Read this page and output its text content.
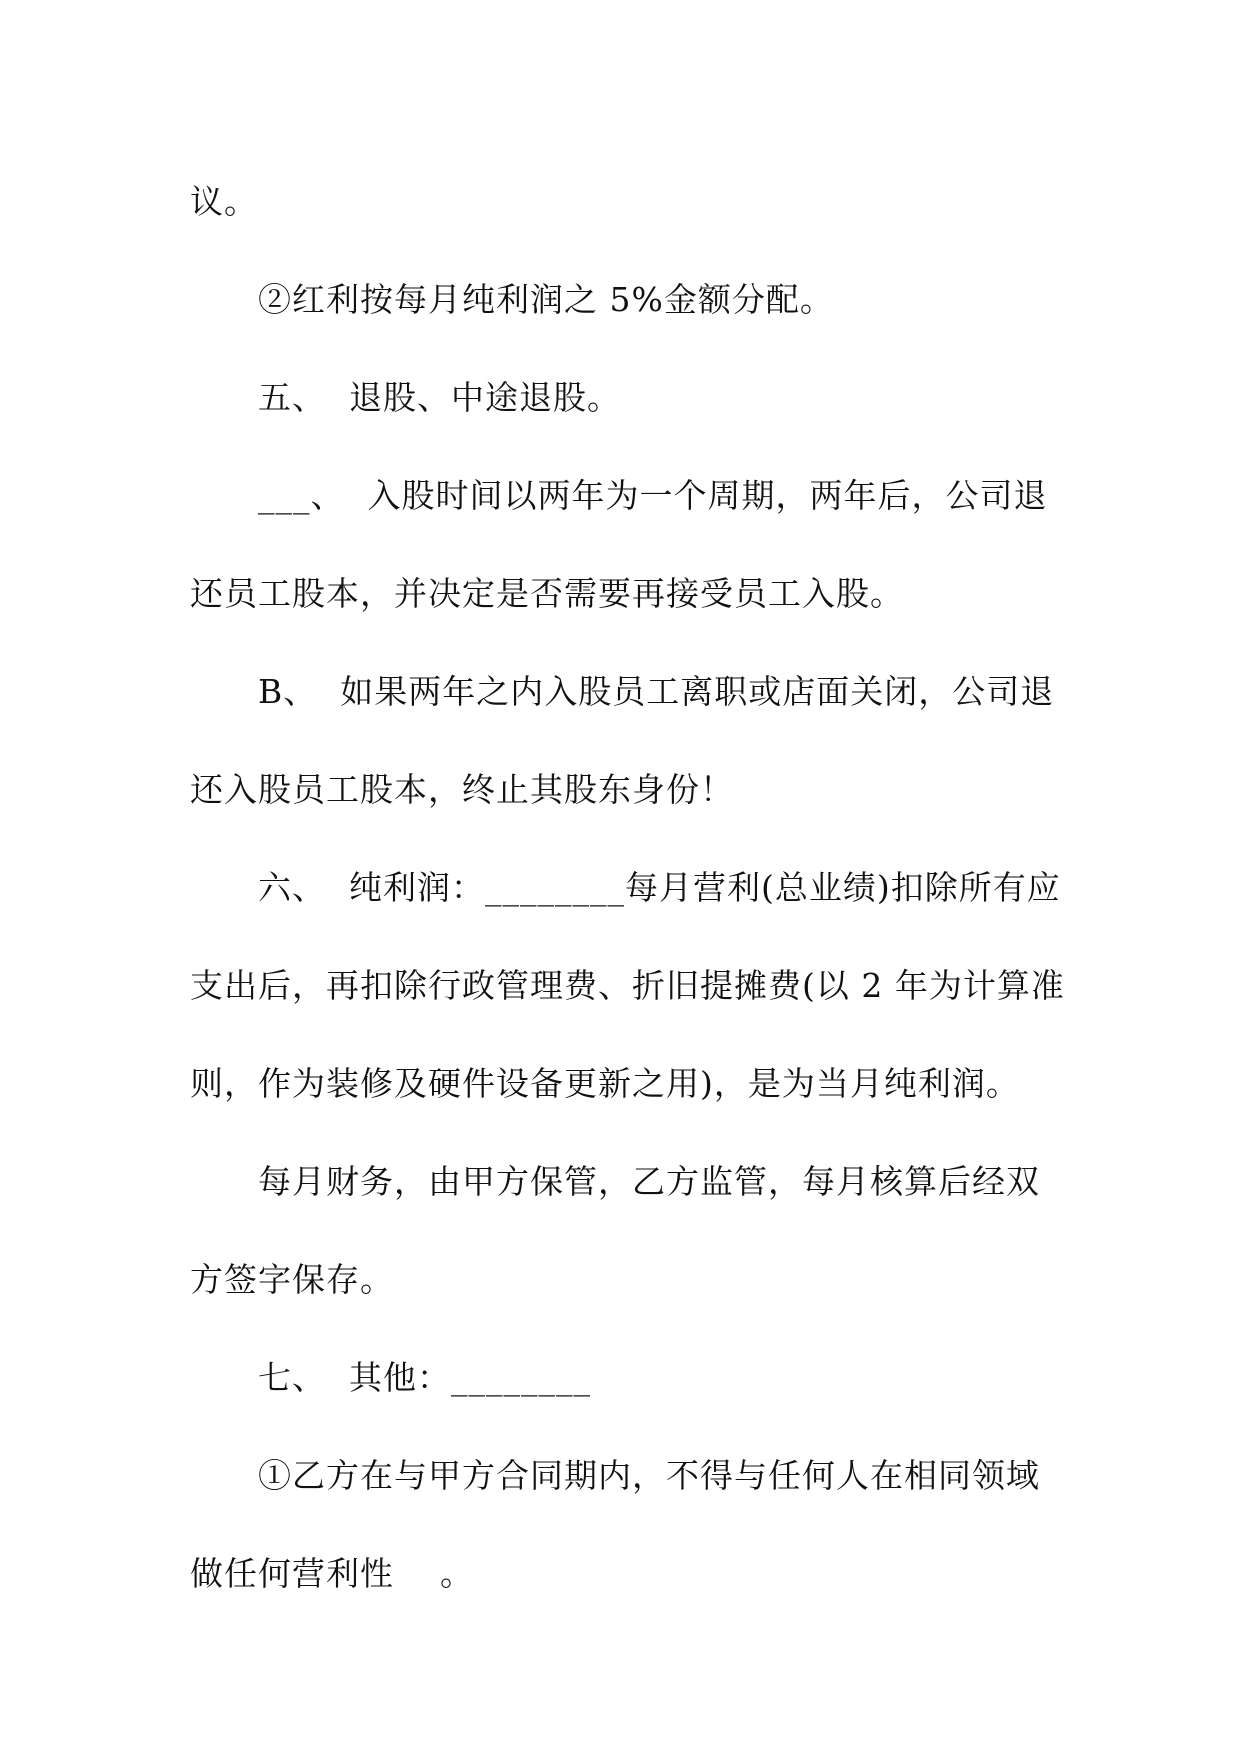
议。
②红利按每月纯利润之 5%金额分配。
五、  退股、中途退股。
___、  入股时间以两年为一个周期，两年后，公司退
还员工股本，并决定是否需要再接受员工入股。
B、  如果两年之内入股员工离职或店面关闭，公司退
还入股员工股本，终止其股东身份！
六、  纯利润：________每月营利(总业绩)扣除所有应
支出后，再扣除行政管理费、折旧提摊费(以 2 年为计算准
则，作为装修及硬件设备更新之用)，是为当月纯利润。
每月财务，由甲方保管，乙方监管，每月核算后经双
方签字保存。
七、  其他：________
①乙方在与甲方合同期内，不得与任何人在相同领域
做任何营利性    。
